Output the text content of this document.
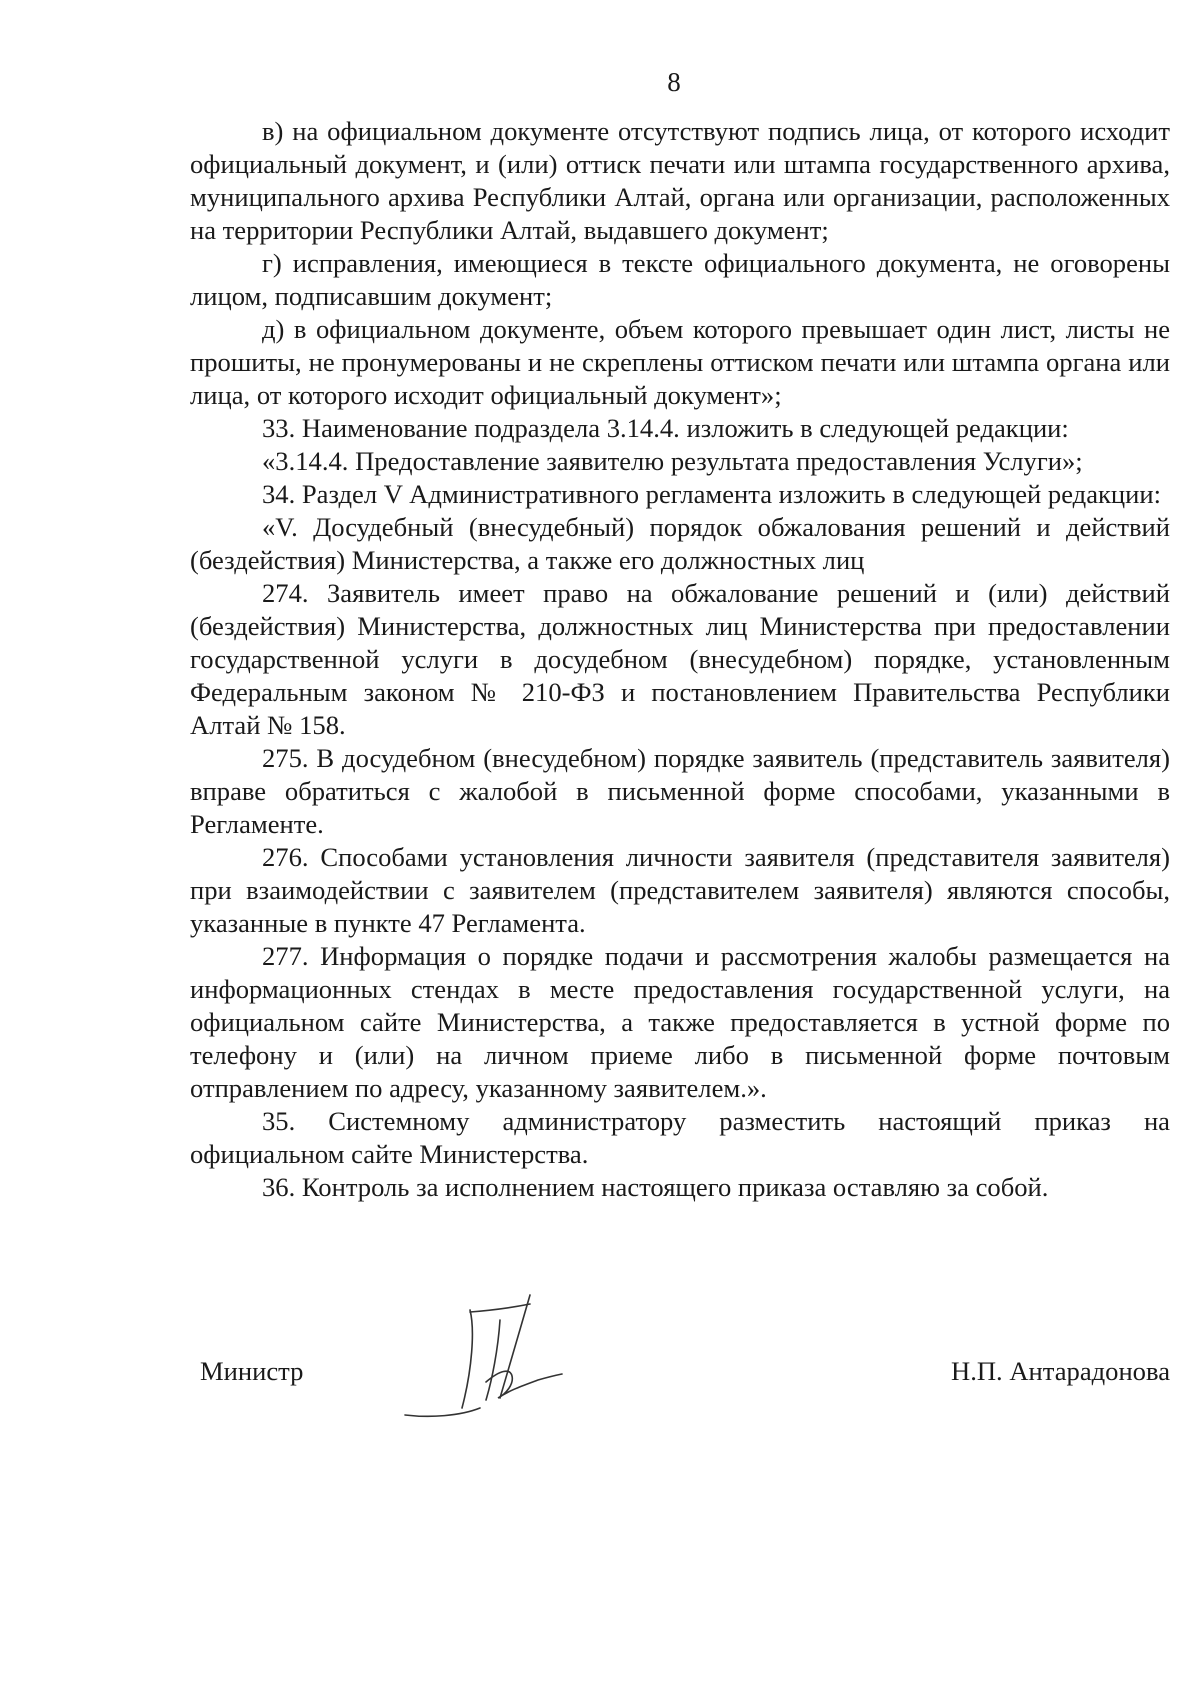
8

в) на официальном документе отсутствуют подпись лица, от которого исходит официальный документ, и (или) оттиск печати или штампа государственного архива, муниципального архива Республики Алтай, органа или организации, расположенных на территории Республики Алтай, выдавшего документ;

г) исправления, имеющиеся в тексте официального документа, не оговорены лицом, подписавшим документ;

д) в официальном документе, объем которого превышает один лист, листы не прошиты, не пронумерованы и не скреплены оттиском печати или штампа органа или лица, от которого исходит официальный документ»;

33. Наименование подраздела 3.14.4. изложить в следующей редакции:

«3.14.4. Предоставление заявителю результата предоставления Услуги»;

34. Раздел V Административного регламента изложить в следующей редакции:

«V. Досудебный (внесудебный) порядок обжалования решений и действий (бездействия) Министерства, а также его должностных лиц

274. Заявитель имеет право на обжалование решений и (или) действий (бездействия) Министерства, должностных лиц Министерства при предоставлении государственной услуги в досудебном (внесудебном) порядке, установленным Федеральным законом № 210-ФЗ и постановлением Правительства Республики Алтай № 158.

275. В досудебном (внесудебном) порядке заявитель (представитель заявителя) вправе обратиться с жалобой в письменной форме способами, указанными в Регламенте.

276. Способами установления личности заявителя (представителя заявителя) при взаимодействии с заявителем (представителем заявителя) являются способы, указанные в пункте 47 Регламента.

277. Информация о порядке подачи и рассмотрения жалобы размещается на информационных стендах в месте предоставления государственной услуги, на официальном сайте Министерства, а также предоставляется в устной форме по телефону и (или) на личном приеме либо в письменной форме почтовым отправлением по адресу, указанному заявителем.».

35. Системному администратору разместить настоящий приказ на официальном сайте Министерства.

36. Контроль за исполнением настоящего приказа оставляю за собой.

Министр	Н.П. Антарадонова
